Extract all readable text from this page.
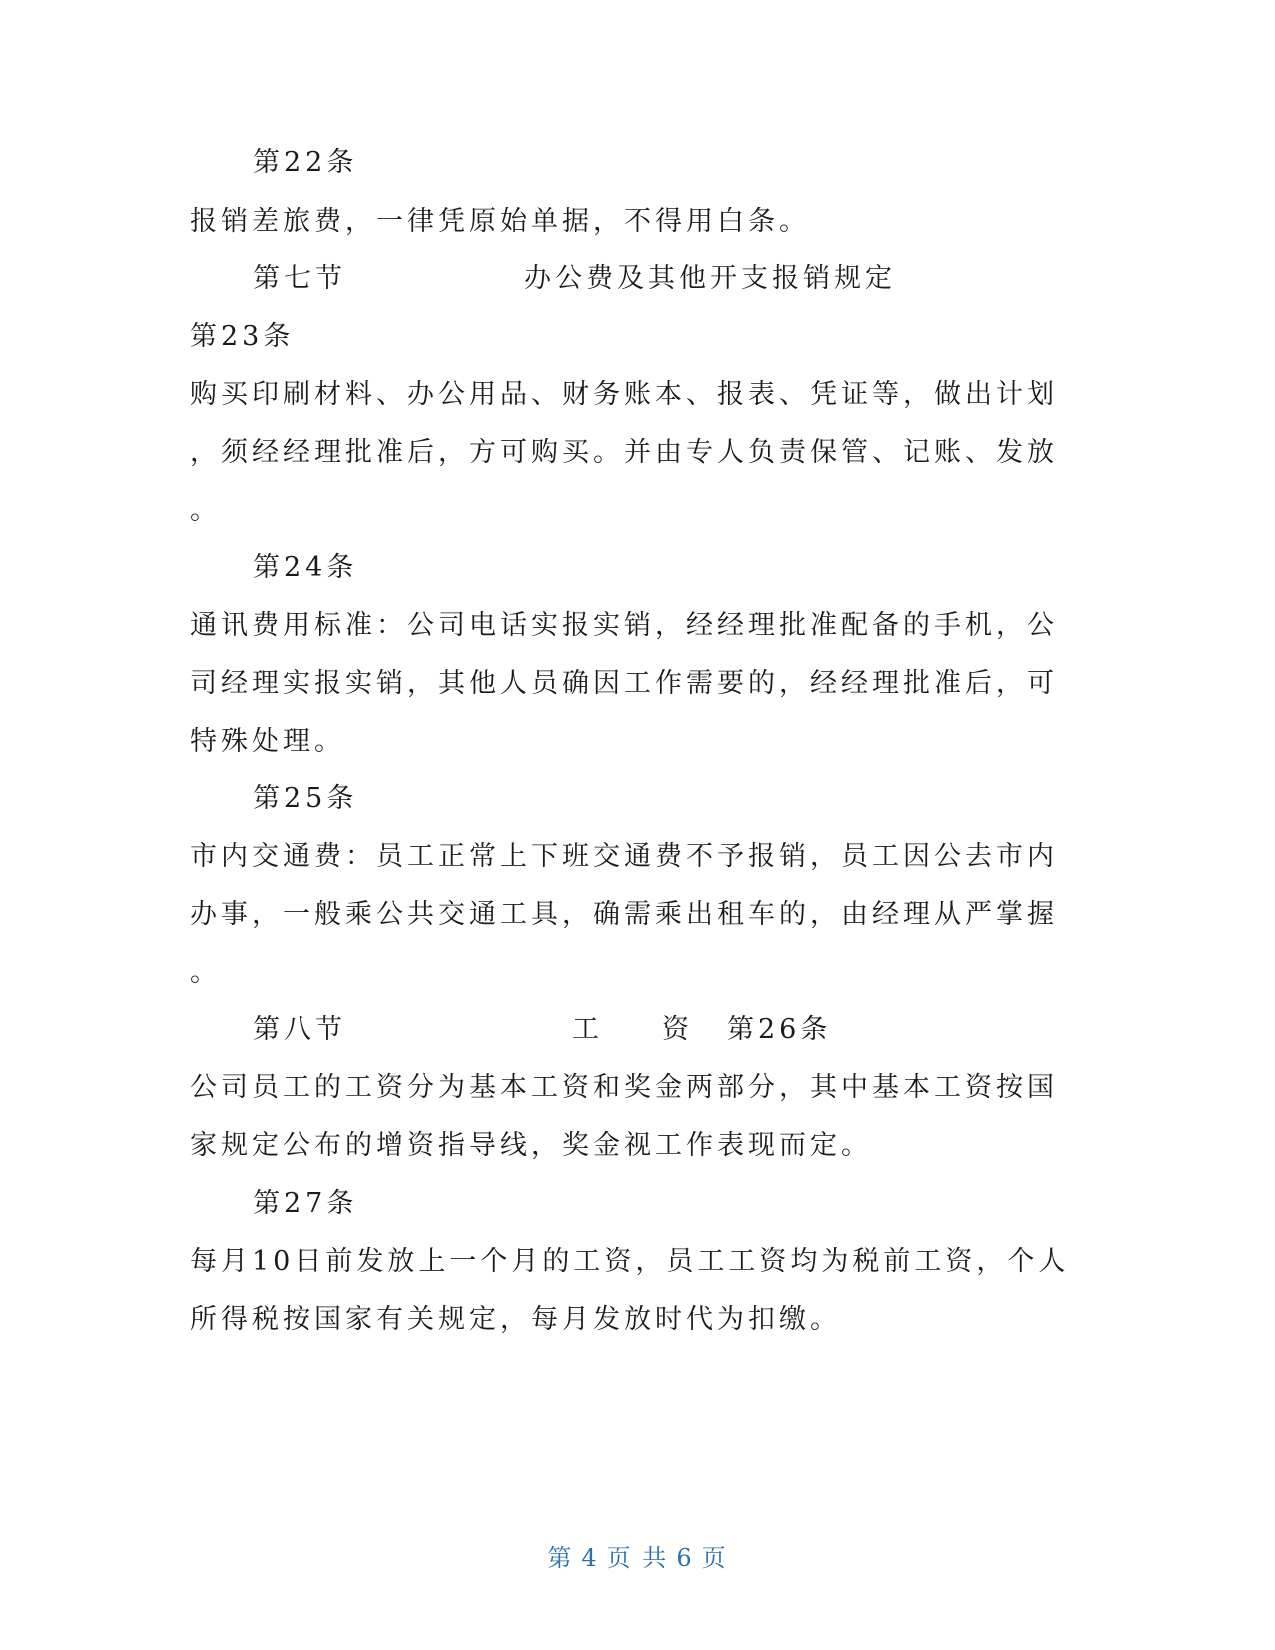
第22条
报销差旅费，一律凭原始单据，不得用白条。
第七节	办公费及其他开支报销规定
第23条
购买印刷材料、办公用品、财务账本、报表、凭证等，做出计划
，须经经理批准后，方可购买。并由专人负责保管、记账、发放
。
第24条
通讯费用标准：公司电话实报实销，经经理批准配备的手机，公
司经理实报实销，其他人员确因工作需要的，经经理批准后，可
特殊处理。
第25条
市内交通费：员工正常上下班交通费不予报销，员工因公去市内
办事，一般乘公共交通工具，确需乘出租车的，由经理从严掌握
。
第八节	工 资 第26条
公司员工的工资分为基本工资和奖金两部分，其中基本工资按国
家规定公布的增资指导线，奖金视工作表现而定。
第27条
每月10日前发放上一个月的工资，员工工资均为税前工资，个人
所得税按国家有关规定，每月发放时代为扣缴。
第 4 页 共 6 页
